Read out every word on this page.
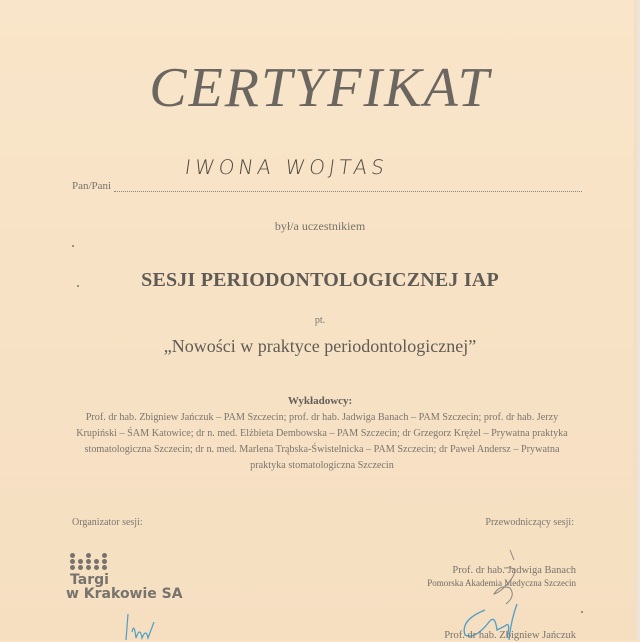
CERTYFIKAT
Pan/Pani
IWONA WOJTAS
był/a uczestnikiem
SESJI PERIODONTOLOGICZNEJ IAP
pt.
„Nowości w praktyce periodontologicznej”
Wykładowcy:
Prof. dr hab. Zbigniew Jańczuk – PAM Szczecin; prof. dr hab. Jadwiga Banach – PAM Szczecin; prof. dr hab. Jerzy Krupiński – ŚAM Katowice; dr n. med. Elżbieta Dembowska – PAM Szczecin; dr Grzegorz Krężel – Prywatna praktyka stomatologiczna Szczecin; dr n. med. Marlena Trąbska-Świstelnicka – PAM Szczecin; dr Paweł Andersz – Prywatna praktyka stomatologiczna Szczecin
Organizator sesji:	Przewodniczący sesji:
Targi
w Krakowie SA
Prof. dr hab. Jadwiga Banach
Pomorska Akademia Medyczna Szczecin
Prof. dr hab. Zbigniew Jańczuk
